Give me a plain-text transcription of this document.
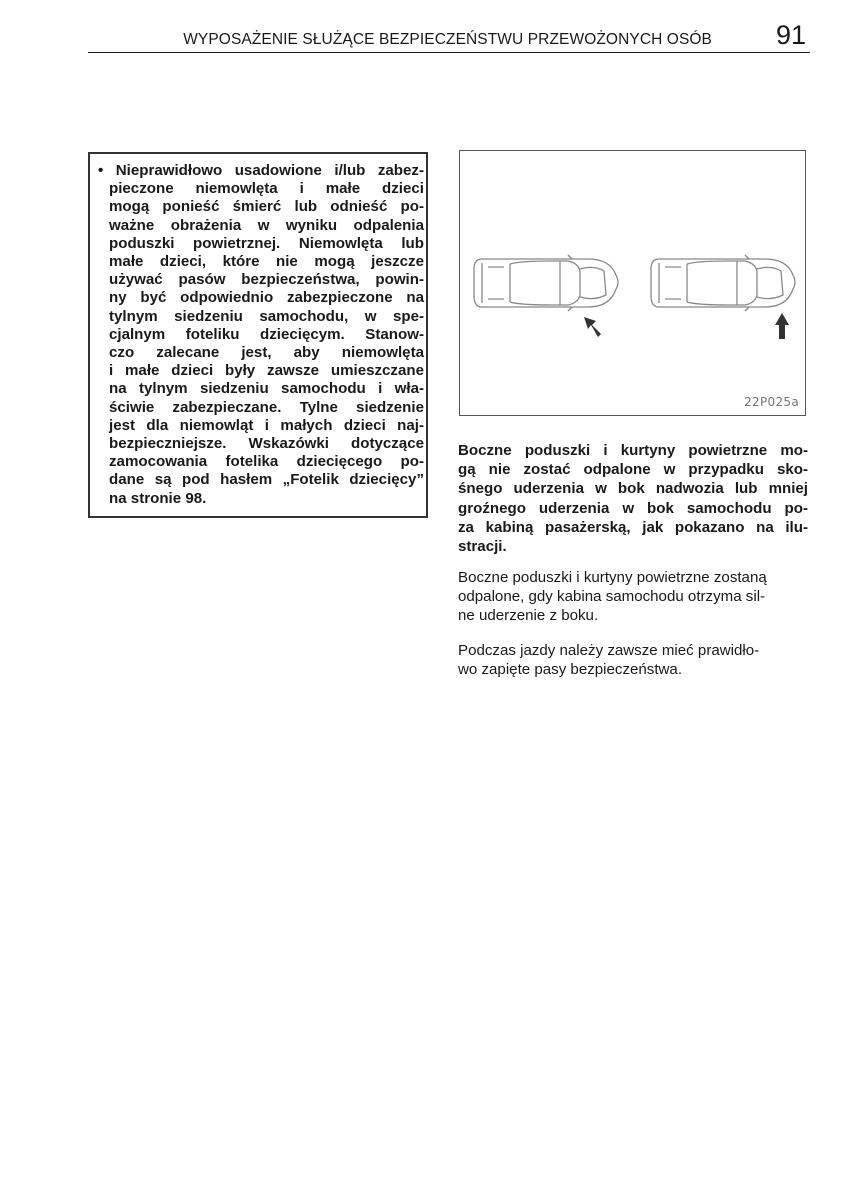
WYPOSAŻENIE SŁUŻĄCE BEZPIECZEŃSTWU PRZEWOŻONYCH OSÓB 91

• Nieprawidłowo usadowione i/lub zabez-
pieczone niemowlęta i małe dzieci
mogą ponieść śmierć lub odnieść po-
ważne obrażenia w wyniku odpalenia
poduszki powietrznej. Niemowlęta lub
małe dzieci, które nie mogą jeszcze
używać pasów bezpieczeństwa, powin-
ny być odpowiednio zabezpieczone na
tylnym siedzeniu samochodu, w spe-
cjalnym foteliku dziecięcym. Stanow-
czo zalecane jest, aby niemowlęta
i małe dzieci były zawsze umieszczane
na tylnym siedzeniu samochodu i wła-
ściwie zabezpieczane. Tylne siedzenie
jest dla niemowląt i małych dzieci naj-
bezpieczniejsze. Wskazówki dotyczące
zamocowania fotelika dziecięcego po-
dane są pod hasłem „Fotelik dziecięcy”
na stronie 98.

22P025a

Boczne poduszki i kurtyny powietrzne mo-
gą nie zostać odpalone w przypadku sko-
śnego uderzenia w bok nadwozia lub mniej
groźnego uderzenia w bok samochodu po-
za kabiną pasażerską, jak pokazano na ilu-
stracji.

Boczne poduszki i kurtyny powietrzne zostaną
odpalone, gdy kabina samochodu otrzyma sil-
ne uderzenie z boku.

Podczas jazdy należy zawsze mieć prawidło-
wo zapięte pasy bezpieczeństwa.
